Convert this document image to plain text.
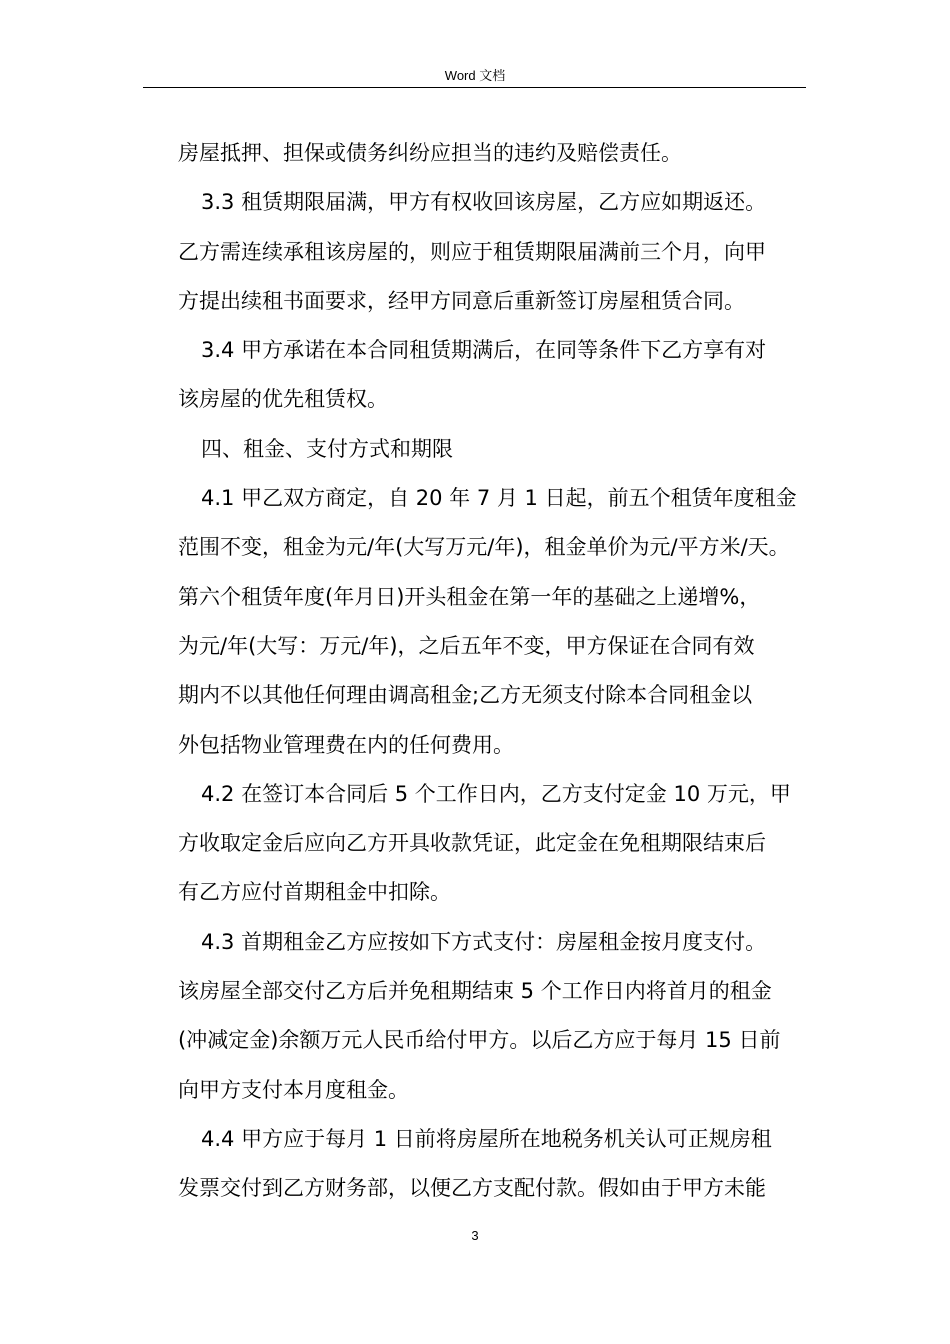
Word 文档
房屋抵押、担保或债务纠纷应担当的违约及赔偿责任。
3.3 租赁期限届满，甲方有权收回该房屋，乙方应如期返还。
乙方需连续承租该房屋的，则应于租赁期限届满前三个月，向甲
方提出续租书面要求，经甲方同意后重新签订房屋租赁合同。
3.4 甲方承诺在本合同租赁期满后，在同等条件下乙方享有对
该房屋的优先租赁权。
四、租金、支付方式和期限
4.1 甲乙双方商定，自 20 年 7 月 1 日起，前五个租赁年度租金
范围不变，租金为元/年(大写万元/年)，租金单价为元/平方米/天。
第六个租赁年度(年月日)开头租金在第一年的基础之上递增%，
为元/年(大写：万元/年)，之后五年不变，甲方保证在合同有效
期内不以其他任何理由调高租金;乙方无须支付除本合同租金以
外包括物业管理费在内的任何费用。
4.2 在签订本合同后 5 个工作日内，乙方支付定金 10 万元，甲
方收取定金后应向乙方开具收款凭证，此定金在免租期限结束后
有乙方应付首期租金中扣除。
4.3 首期租金乙方应按如下方式支付：房屋租金按月度支付。
该房屋全部交付乙方后并免租期结束 5 个工作日内将首月的租金
(冲减定金)余额万元人民币给付甲方。以后乙方应于每月 15 日前
向甲方支付本月度租金。
4.4 甲方应于每月 1 日前将房屋所在地税务机关认可正规房租
发票交付到乙方财务部，以便乙方支配付款。假如由于甲方未能
3
